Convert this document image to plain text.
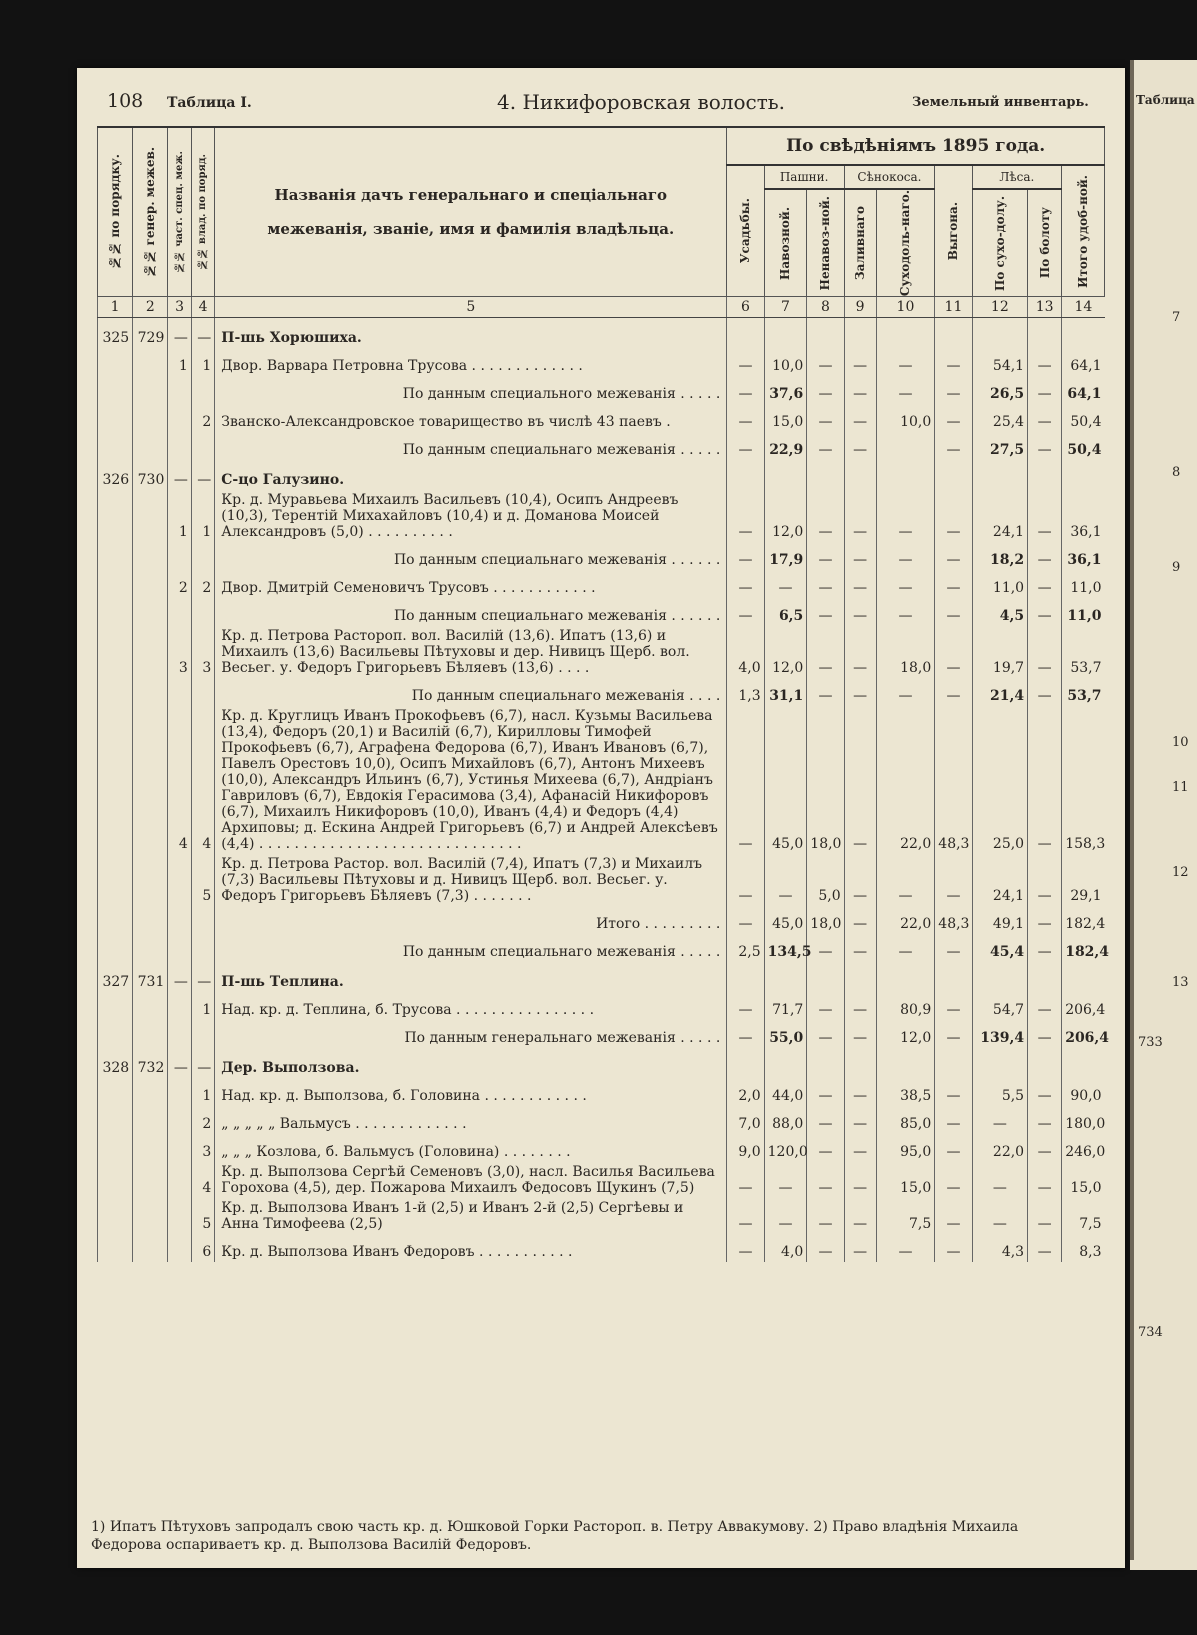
108 Таблица I.	4. Никифоровская волость.	Земельный инвентарь.
№№ по порядку.	№№ генер. межев.	№№ част. спец. меж.	№№ влад. по поряд.	Названія дачъ генеральнаго и спеціальнаго межеванія, званіе, имя и фамилія владѣльца.	По свѣдѣніямъ 1895 года.								

					Усадьбы.	Пашни.		Сѣнокоса.		Выгона.	Лѣса.		Итого удоб-ной.

						Навозной.	Ненавоз-ной.	Заливнаго	Суходоль-наго.		По сухо-долу.	По болоту	

1	2	3	4	5	6	7	8	9	10	11	12	13	14
325	729	—	—	П-шь Хорюшиха.									
		1	1	Двор. Варвара Петровна Трусова . . . . . . . . . . . . .	—	10,0	—	—	—	—	54,1	—	64,1
				По данным специального межеванія . . . . .	—	37,6	—	—	—	—	26,5	—	64,1
			2	Званско-Александровское товарищество въ числѣ 43 паевъ .	—	15,0	—	—	10,0	—	25,4	—	50,4
				По данным специальнаго межеванія . . . . .	—	22,9	—	—		—	27,5	—	50,4
326	730	—	—	С-цо Галузино.									
		1	1	Кр. д. Муравьева Михаилъ Васильевъ (10,4), Осипъ Андреевъ (10,3), Терентій Михахайловъ (10,4) и д. Доманова Моисей Александровъ (5,0) . . . . . . . . . .	—	12,0	—	—	—	—	24,1	—	36,1
				По данным специальнаго межеванія . . . . . .	—	17,9	—	—	—	—	18,2	—	36,1
		2	2	Двор. Дмитрій Семеновичъ Трусовъ . . . . . . . . . . . .	—	—	—	—	—	—	11,0	—	11,0
				По данным специальнаго межеванія . . . . . .	—	6,5	—	—	—	—	4,5	—	11,0
		3	3	Кр. д. Петрова Растороп. вол. Василій (13,6). Ипатъ (13,6) и Михаилъ (13,6) Васильевы Пѣтуховы и дер. Нивицъ Щерб. вол. Весьег. у. Федоръ Григорьевъ Бѣляевъ (13,6) . . . .	4,0	12,0	—	—	18,0	—	19,7	—	53,7
				По данным специальнаго межеванія . . . .	1,3	31,1	—	—	—	—	21,4	—	53,7
		4	4	Кр. д. Круглицъ Иванъ Прокофьевъ (6,7), насл. Кузьмы Васильева (13,4), Федоръ (20,1) и Василій (6,7), Кирилловы Тимофей Прокофьевъ (6,7), Аграфена Федорова (6,7), Иванъ Ивановъ (6,7), Павелъ Орестовъ 10,0), Осипъ Михайловъ (6,7), Антонъ Михеевъ (10,0), Александръ Ильинъ (6,7), Устинья Михеева (6,7), Андріанъ Гавриловъ (6,7), Евдокія Герасимова (3,4), Афанасій Никифоровъ (6,7), Михаилъ Никифоровъ (10,0), Иванъ (4,4) и Федоръ (4,4) Архиповы; д. Ескина Андрей Григорьевъ (6,7) и Андрей Алексѣевъ (4,4) . . . . . . . . . . . . . . . . . . . . . . . . . . . . . .	—	45,0	18,0	—	22,0	48,3	25,0	—	158,3
			5	Кр. д. Петрова Растор. вол. Василій (7,4), Ипатъ (7,3) и Михаилъ (7,3) Васильевы Пѣтуховы и д. Нивицъ Щерб. вол. Весьег. у. Федоръ Григорьевъ Бѣляевъ (7,3) . . . . . . .	—	—	5,0	—	—	—	24,1	—	29,1
				Итого . . . . . . . . .	—	45,0	18,0	—	22,0	48,3	49,1	—	182,4
				По данным специальнаго межеванія . . . . .	2,5	134,5	—	—	—	—	45,4	—	182,4
327	731	—	—	П-шь Теплина.									
			1	Над. кр. д. Теплина, б. Трусова . . . . . . . . . . . . . . . .	—	71,7	—	—	80,9	—	54,7	—	206,4
				По данным генеральнаго межеванія . . . . .	—	55,0	—	—	12,0	—	139,4	—	206,4
328	732	—	—	Дер. Выползова.									
			1	Над. кр. д. Выползова, б. Головина . . . . . . . . . . . .	2,0	44,0	—	—	38,5	—	5,5	—	90,0
			2	„ „ „ „ „ Вальмусъ . . . . . . . . . . . . .	7,0	88,0	—	—	85,0	—	—	—	180,0
			3	„ „ „ Козлова, б. Вальмусъ (Головина) . . . . . . . .	9,0	120,0	—	—	95,0	—	22,0	—	246,0
			4	Кр. д. Выползова Сергѣй Семеновъ (3,0), насл. Василья Васильева Гороховa (4,5), дер. Пожарова Михаилъ Федосовъ Щукинъ (7,5)	—	—	—	—	15,0	—	—	—	15,0
			5	Кр. д. Выползова Иванъ 1-й (2,5) и Иванъ 2-й (2,5) Сергѣевы и Анна Тимофеева (2,5)	—	—	—	—	7,5	—	—	—	7,5
			6	Кр. д. Выползова Иванъ Федоровъ . . . . . . . . . . .	—	4,0	—	—	—	—	4,3	—	8,3
1) Ипатъ Пѣтуховъ запродалъ свою часть кр. д. Юшковой Горки Растороп. в. Петру Аввакумову. 2) Право владѣнія Михаила Федорова оспариваетъ кр. д. Выползова Василій Федоровъ.
Таблица
7
8
9
10
11
12
13
733
734
